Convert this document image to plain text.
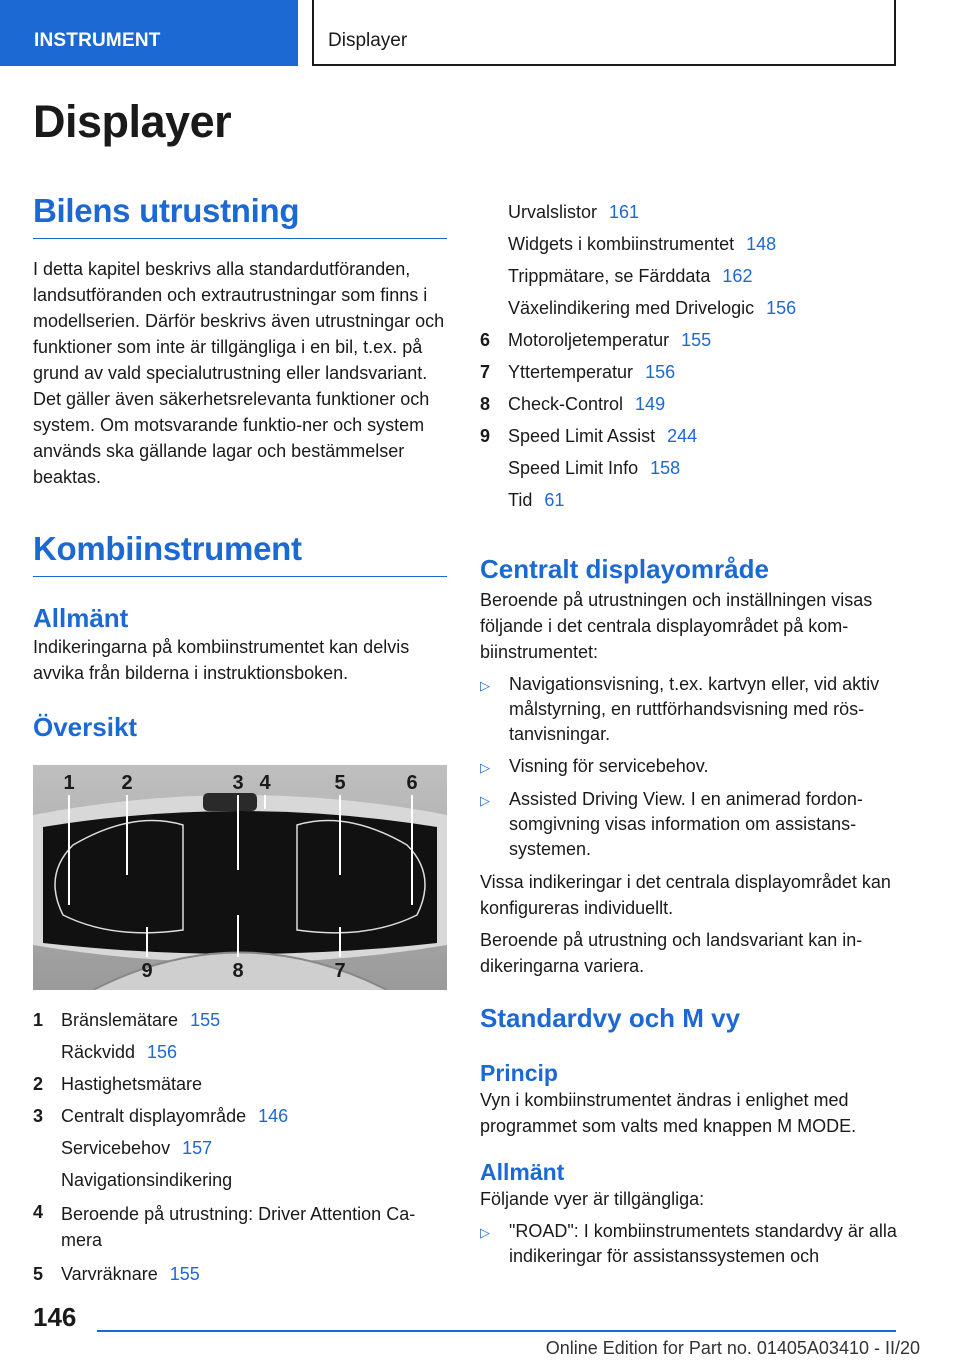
INSTRUMENT	Displayer
Displayer
Bilens utrustning

I detta kapitel beskrivs alla standardutföranden, landsutföranden och extrautrustningar som finns i modellserien. Därför beskrivs även utrustningar och funktioner som inte är tillgängliga i en bil, t.ex. på grund av vald specialutrustning eller landsvariant. Det gäller även säkerhetsrelevanta funktioner och system. Om motsvarande funktio-ner och system används ska gällande lagar och bestämmelser beaktas.

Kombiinstrument
Allmänt

Indikeringarna på kombiinstrumentet kan delvis avvika från bilderna i instruktionsboken.

Översikt
1 2	3 4	5	6
9	8	7
1 Bränslemätare 155
Räckvidd 156
2 Hastighetsmätare
3 Centralt displayområde 146
Servicebehov 157
Navigationsindikering
4 Beroende på utrustning: Driver Attention Ca-mera
5 Varvräknare 155
Urvalslistor 161
Widgets i kombiinstrumentet 148
Trippmätare, se Färddata 162
Växelindikering med Drivelogic 156
6 Motoroljetemperatur 155
7 Yttertemperatur 156
8 Check-Control 149
9 Speed Limit Assist 244
Speed Limit Info 158
Tid 61
Centralt displayområde

Beroende på utrustningen och inställningen visas följande i det centrala displayområdet på kom-biinstrumentet:

▷	Navigationsvisning, t.ex. kartvyn eller, vid aktiv målstyrning, en ruttförhandsvisning med rös-tanvisningar.
▷	Visning för servicebehov.
▷	Assisted Driving View. I en animerad fordon-somgivning visas information om assistans-systemen.

Vissa indikeringar i det centrala displayområdet kan konfigureras individuellt.

Beroende på utrustning och landsvariant kan in-dikeringarna variera.

Standardvy och M vy
Princip

Vyn i kombiinstrumentet ändras i enlighet med programmet som valts med knappen M MODE.

Allmänt

Följande vyer är tillgängliga:

▷	"ROAD": I kombiinstrumentets standardvy är alla indikeringar för assistanssystemen och
146
Online Edition for Part no. 01405A03410 - II/20
